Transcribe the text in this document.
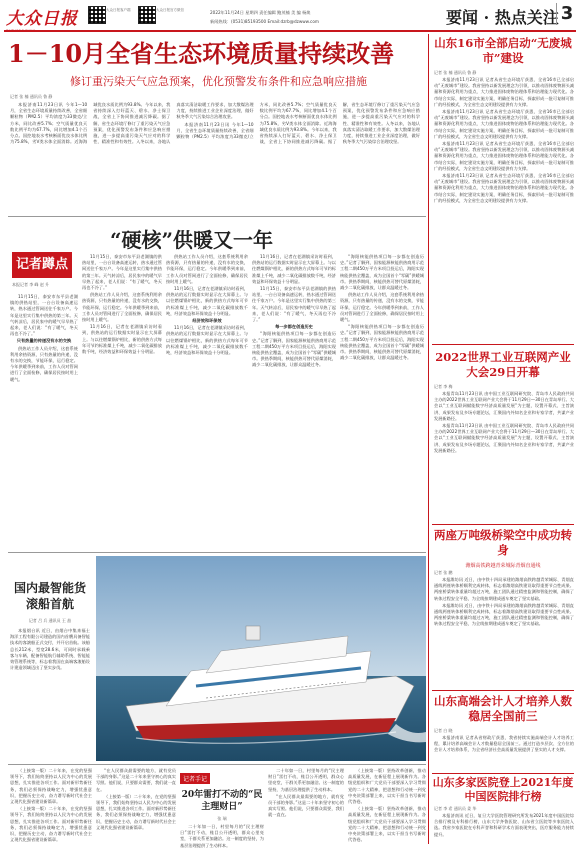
大众日报	大众日报客户端	大众日报官方微信	2022年11月24日 星期四 责任编辑 鲍茂楠 美 编 杨焕
新闻热线：(0531)85193500 Email:dzrb@dzwww.com	要闻 · 热点关注 3
1－10月全省生态环境质量持续改善
修订重污染天气应急预案，优化预警发布条件和应急响应措施
记者 张 楠 通讯员 鲁 静

本报济南11月23日讯 今年1—10月，全省生态环境质量持续改善，全省细颗粒物（PM2.5）平均浓度为33微克/立方米，同比改善5.7%；空气质量优良天数比例平均为67.7%，同比增加4.1个百分点。国控地表水考核断面优良水体比例为75.8%，劣Ⅴ类水体全面消除。近海海域优良水质比例为93.8%。今年以来，我省持续深入打好蓝天、碧水、净土保卫战，全省上下协同推进减污降碳。据了解，省生态环境厅修订了重污染天气应急预案，优化预警发布条件和应急响应措施，进一步提高重污染天气应对的科学性、精准性和有效性。入冬以来，各地认真落实清洁取暖工作要求，加大散煤治理力度，持续推进工业企业深度治理，做好秋冬季大气污染综合治理攻坚。

本报济南11月23日讯 今年1—10月，全省生态环境质量持续改善，全省细颗粒物（PM2.5）平均浓度为33微克/立方米，同比改善5.7%；空气质量优良天数比例平均为67.7%，同比增加4.1个百分点。国控地表水考核断面优良水体比例为75.8%，劣Ⅴ类水体全面消除。近海海域优良水质比例为93.8%。今年以来，我省持续深入打好蓝天、碧水、净土保卫战，全省上下协同推进减污降碳。据了解，省生态环境厅修订了重污染天气应急预案，优化预警发布条件和应急响应措施，进一步提高重污染天气应对的科学性、精准性和有效性。入冬以来，各地认真落实清洁取暖工作要求，加大散煤治理力度，持续推进工业企业深度治理，做好秋冬季大气污染综合治理攻坚。

“硬核”供暖又一年
记者蹲点
本报记者 李 峰 赵 升

11月15日，泰安市东平县老湖镇的供热站里，一台台设备高速运转，热水通过管网送往千家万户。今年是这里实行集中供热的第三年。天气转凉后，居民家中的暖气早早热了起来，老人们说：“有了暖气，冬天再也不冷了。”

只有热量的传递没有水的交换

供热站工作人员介绍，这套系统利用余热资源，只有热量的传递，没有水的交换，节能环保，运行稳定。今年供暖季到来前，工作人员对管网进行了全面检修，确保居民按时用上暖气。

11月15日，泰安市东平县老湖镇的供热站里，一台台设备高速运转，热水通过管网送往千家万户。今年是这里实行集中供热的第三年。天气转凉后，居民家中的暖气早早热了起来，老人们说：“有了暖气，冬天再也不冷了。”

供热站工作人员介绍，这套系统利用余热资源，只有热量的传递，没有水的交换，节能环保，运行稳定。今年供暖季到来前，工作人员对管网进行了全面检修，确保居民按时用上暖气。

11月16日，记者在老湖镇采访时看到，供热站的运行数据实时显示在大屏幕上。与以往燃煤锅炉相比，新的供热方式每年可节约标准煤上千吨，减少二氧化碳排放数千吨，经济效益和环保效益十分明显。

供热站工作人员介绍，这套系统利用余热资源，只有热量的传递，没有水的交换，节能环保，运行稳定。今年供暖季到来前，工作人员对管网进行了全面检修，确保居民按时用上暖气。

11月16日，记者在老湖镇采访时看到，供热站的运行数据实时显示在大屏幕上。与以往燃煤锅炉相比，新的供热方式每年可节约标准煤上千吨，减少二氧化碳排放数千吨，经济效益和环保效益十分明显。

经济效和环保效

11月16日，记者在老湖镇采访时看到，供热站的运行数据实时显示在大屏幕上。与以往燃煤锅炉相比，新的供热方式每年可节约标准煤上千吨，减少二氧化碳排放数千吨，经济效益和环保效益十分明显。

11月16日，记者在老湖镇采访时看到，供热站的运行数据实时显示在大屏幕上。与以往燃煤锅炉相比，新的供热方式每年可节约标准煤上千吨，减少二氧化碳排放数千吨，经济效益和环保效益十分明显。

11月15日，泰安市东平县老湖镇的供热站里，一台台设备高速运转，热水通过管网送往千家万户。今年是这里实行集中供热的第三年。天气转凉后，居民家中的暖气早早热了起来，老人们说：“有了暖气，冬天再也不冷了。”

每一步都在创造历史

“海阳核能供热项目每一步都在创造历史。”记者了解到，国家能源核能供热商用示范工程二期450万平方米项目投运后，海阳实现核能供热全覆盖，成为全国首个“零碳”供暖城市。供热季期间，核能供热可替代原煤消耗，减少二氧化碳排放，让群众温暖过冬。

“海阳核能供热项目每一步都在创造历史。”记者了解到，国家能源核能供热商用示范工程二期450万平方米项目投运后，海阳实现核能供热全覆盖，成为全国首个“零碳”供暖城市。供热季期间，核能供热可替代原煤消耗，减少二氧化碳排放，让群众温暖过冬。

供热站工作人员介绍，这套系统利用余热资源，只有热量的传递，没有水的交换，节能环保，运行稳定。今年供暖季到来前，工作人员对管网进行了全面检修，确保居民按时用上暖气。

“海阳核能供热项目每一步都在创造历史。”记者了解到，国家能源核能供热商用示范工程二期450万平方米项目投运后，海阳实现核能供热全覆盖，成为全国首个“零碳”供暖城市。供热季期间，核能供热可替代原煤消耗，减少二氧化碳排放，让群众温暖过冬。

国内最智能货滚船首航
记者 吕 兵 通讯员 王 喆

本报烟台讯 近日，由烟台中集来福士海洋工程有限公司建造的国内首艘具备智能技术的客滚船正式交付，并开启首航。该船总长212米，型宽28.6米，可同时承载乘客与车辆，配备智能航行辅助系统、智能能效管理系统等，标志着我国在高端客滚船设计建造领域迈出了坚实步伐。

（上接第一版）二十年来，在党的坚强领导下，我们始终坚持以人民为中心的发展思想，扎实推进各项工作。面对新形势新任务，我们必须保持战略定力，增强忧患意识，把握历史主动，奋力谱写新时代社会主义现代化强省建设新篇章。

（上接第一版）二十年来，在党的坚强领导下，我们始终坚持以人民为中心的发展思想，扎实推进各项工作。面对新形势新任务，我们必须保持战略定力，增强忧患意识，把握历史主动，奋力谱写新时代社会主义现代化强省建设新篇章。

“在人民群众最需要的地方，就有党员干部的身影。”这是二十年来坚守初心的真实写照。他们说，只要群众需要，我们就一直在。

（上接第一版）二十年来，在党的坚强领导下，我们始终坚持以人民为中心的发展思想，扎实推进各项工作。面对新形势新任务，我们必须保持战略定力，增强忧患意识，把握历史主动，奋力谱写新时代社会主义现代化强省建设新篇章。

记者手记
20年雷打不动的“民主理财日”
张 瑞

二十年如一日，村里每月的“民主理财日”雷打不动，账目公开透明，群众心里亮堂，干群关系更加融洽。这一制度的坚持，为基层治理提供了生动样本。

二十年如一日，村里每月的“民主理财日”雷打不动，账目公开透明，群众心里亮堂，干群关系更加融洽。这一制度的坚持，为基层治理提供了生动样本。

“在人民群众最需要的地方，就有党员干部的身影。”这是二十年来坚守初心的真实写照。他们说，只要群众需要，我们就一直在。

（上接第一版）坚持改革创新，推动高质量发展，在新征程上展现新作为。各级党组织和广大党员干部要深入学习贯彻党的二十大精神，把思想和行动统一到党中央决策部署上来，以实干担当书写新时代答卷。

（上接第一版）坚持改革创新，推动高质量发展，在新征程上展现新作为。各级党组织和广大党员干部要深入学习贯彻党的二十大精神，把思想和行动统一到党中央决策部署上来，以实干担当书写新时代答卷。

山东16市全部启动“无废城市”建设
记者 张 楠 通讯员 鲁 静

本报济南11月23日讯 记者从省生态环境厅获悉，全省16市已全部启动“无废城市”建设。我省坚持以新发展理念为引领，以推动固体废物源头减量和资源化利用为重点，大力推进固体废物治理体系和治理能力现代化。各市结合实际，制定建设实施方案，明确任务目标，探索形成一批可复制可推广的经验模式，为全省生态文明建设提供有力支撑。

本报济南11月23日讯 记者从省生态环境厅获悉，全省16市已全部启动“无废城市”建设。我省坚持以新发展理念为引领，以推动固体废物源头减量和资源化利用为重点，大力推进固体废物治理体系和治理能力现代化。各市结合实际，制定建设实施方案，明确任务目标，探索形成一批可复制可推广的经验模式，为全省生态文明建设提供有力支撑。

本报济南11月23日讯 记者从省生态环境厅获悉，全省16市已全部启动“无废城市”建设。我省坚持以新发展理念为引领，以推动固体废物源头减量和资源化利用为重点，大力推进固体废物治理体系和治理能力现代化。各市结合实际，制定建设实施方案，明确任务目标，探索形成一批可复制可推广的经验模式，为全省生态文明建设提供有力支撑。

本报济南11月23日讯 记者从省生态环境厅获悉，全省16市已全部启动“无废城市”建设。我省坚持以新发展理念为引领，以推动固体废物源头减量和资源化利用为重点，大力推进固体废物治理体系和治理能力现代化。各市结合实际，制定建设实施方案，明确任务目标，探索形成一批可复制可推广的经验模式，为全省生态文明建设提供有力支撑。

2022世界工业互联网产业大会29日开幕
记者 李 梅

本报青岛11月23日讯 由中国工业互联网研究院、青岛市人民政府共同主办的2022世界工业互联网产业大会将于11月29日—30日在青岛举行。大会以“工业互联网赋能数字经济高质量发展”为主题，设置开幕式、主旨演讲、成果发布及多场专题论坛，汇聚国内外知名企业和专家学者，共谋产业发展新路径。

本报青岛11月23日讯 由中国工业互联网研究院、青岛市人民政府共同主办的2022世界工业互联网产业大会将于11月29日—30日在青岛举行。大会以“工业互联网赋能数字经济高质量发展”为主题，设置开幕式、主旨演讲、成果发布及多场专题论坛，汇聚国内外知名企业和专家学者，共谋产业发展新路径。

两座万吨级桥梁空中成功转身
潍烟高铁跨越青荣城际青烟直通线
记者 张 鹏

本报潍坊讯 近日，由中铁十四局承建的潍烟高铁跨越青荣城际、青烟直通线两座转体桥顺利完成转体，标志着潍烟高铁建设取得重要节点性成果。两座桥梁转体重量均超过万吨，施工团队通过精密监测和智能控制，确保了转体过程安全平稳，为全线按期建成通车奠定了坚实基础。

本报潍坊讯 近日，由中铁十四局承建的潍烟高铁跨越青荣城际、青烟直通线两座转体桥顺利完成转体，标志着潍烟高铁建设取得重要节点性成果。两座桥梁转体重量均超过万吨，施工团队通过精密监测和智能控制，确保了转体过程安全平稳，为全线按期建成通车奠定了坚实基础。

山东高端会计人才培养人数稳居全国前三
记者 白 晓

本报济南讯 记者从省财政厅获悉，我省持续实施高端会计人才培养工程，累计培养高端会计人才数量稳居全国前三。通过打造多层次、全方位的会计人才培养体系，为全省经济社会高质量发展提供了坚实的人才支撑。

山东多家医院登上2021年度中国医院排行榜
记者 李 希 通讯员 姜 华

本报济南讯 近日，复旦大学医院管理研究所发布2021年度中国医院综合排行榜及专科排行榜，山东大学齐鲁医院、山东省立医院等多家医院入选。我省多家医院在专科声誉和科研学术方面表现突出，医疗服务能力持续提升。
